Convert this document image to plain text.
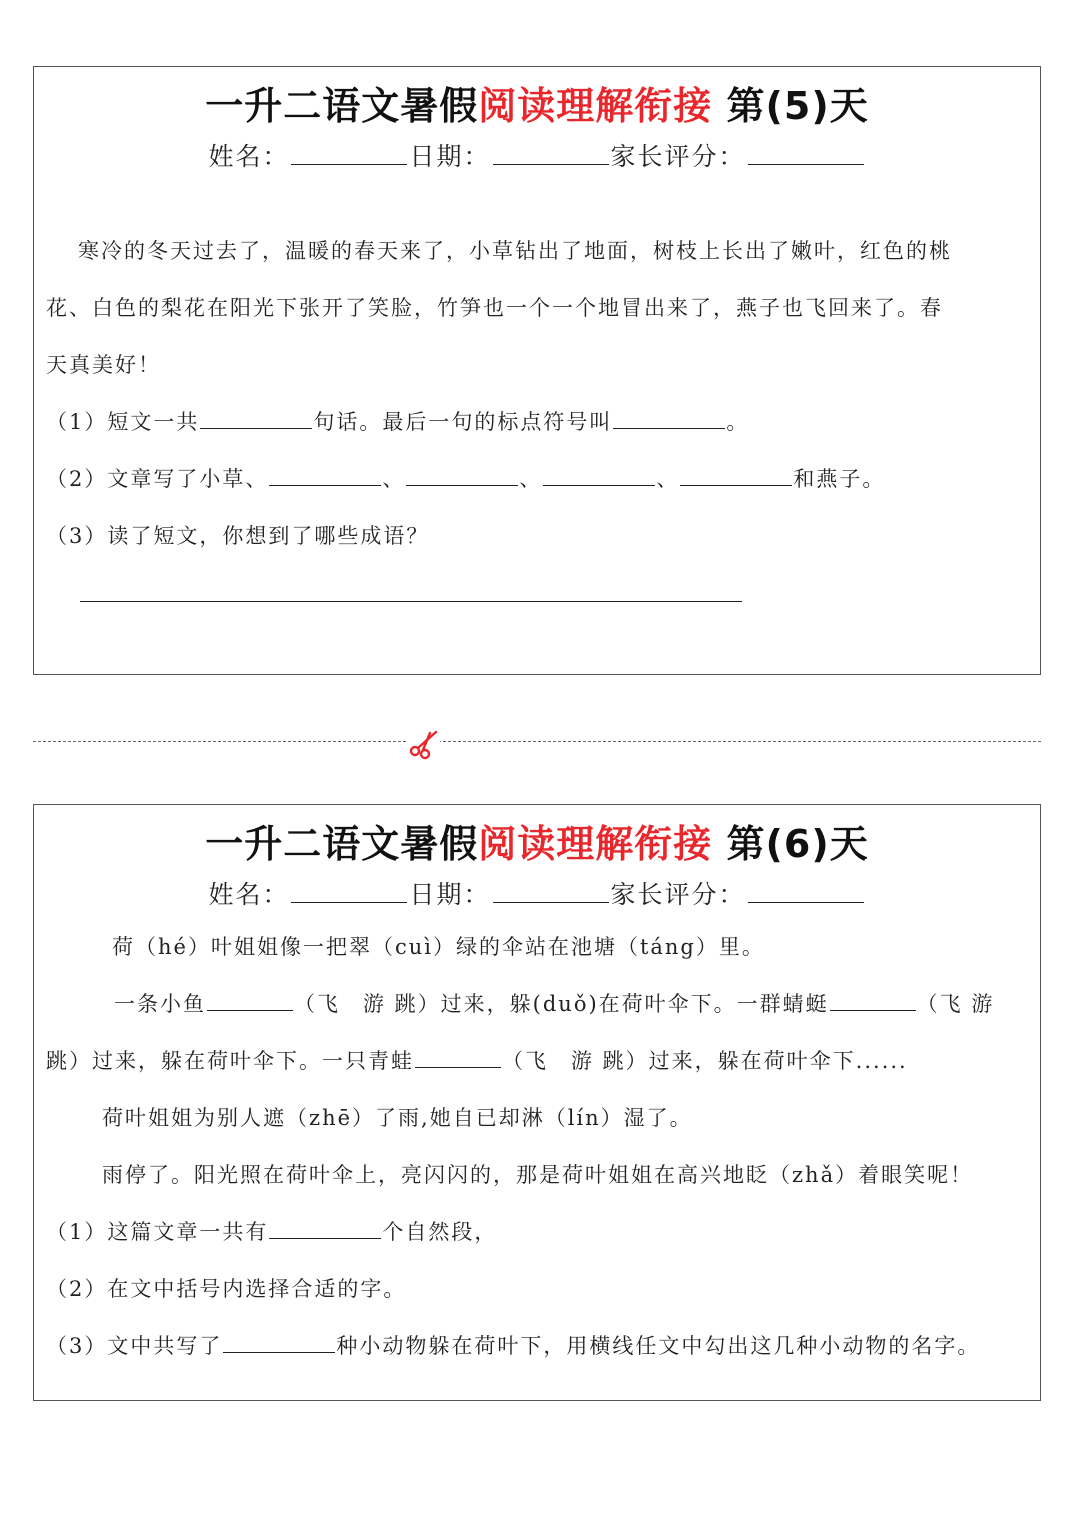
一升二语文暑假阅读理解衔接 第(5)天
姓名：	日期：	家长评分：
寒冷的冬天过去了，温暖的春天来了，小草钻出了地面，树枝上长出了嫩叶，红色的桃
花、白色的梨花在阳光下张开了笑脸，竹笋也一个一个地冒出来了，燕子也飞回来了。春
天真美好！
（1）短文一共	句话。最后一句的标点符号叫	。
（2）文章写了小草、	、	、	、	和燕子。
（3）读了短文，你想到了哪些成语？
一升二语文暑假阅读理解衔接 第(6)天
姓名：	日期：	家长评分：
荷（hé）叶姐姐像一把翠（cuì）绿的伞站在池塘（táng）里。
一条小鱼	（飞　游 跳）过来，躲(duǒ)在荷叶伞下。一群蜻蜓	（飞 游
跳）过来，躲在荷叶伞下。一只青蛙	（飞　游 跳）过来，躲在荷叶伞下......
荷叶姐姐为别人遮（zhē）了雨,她自已却淋（lín）湿了。
雨停了。阳光照在荷叶伞上，亮闪闪的，那是荷叶姐姐在高兴地眨（zhǎ）着眼笑呢！
（1）这篇文章一共有	个自然段，
（2）在文中括号内选择合适的字。
（3）文中共写了	种小动物躲在荷叶下，用横线任文中勾出这几种小动物的名字。
